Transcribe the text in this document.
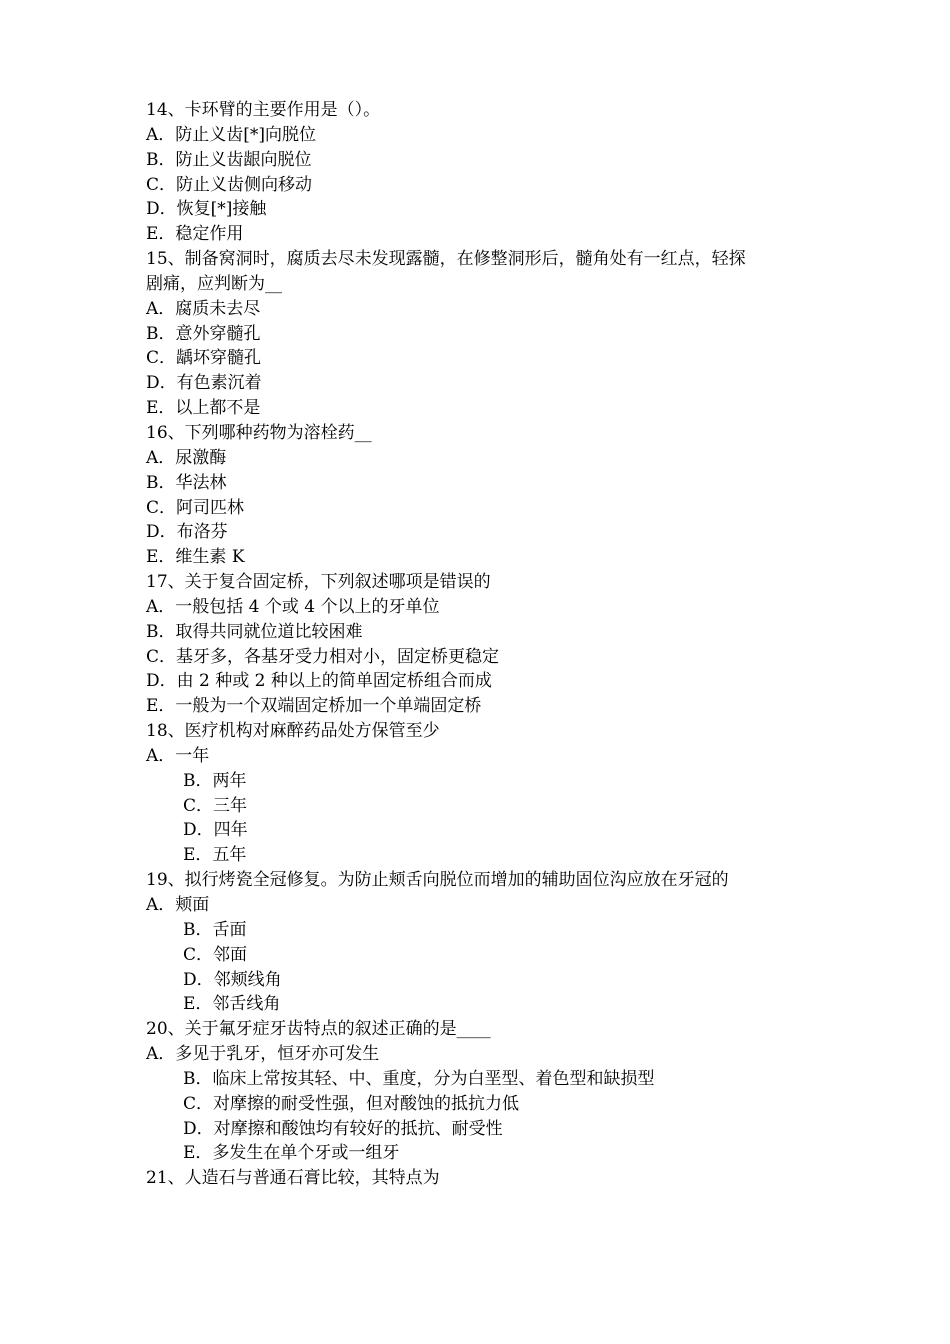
14、卡环臂的主要作用是（）。
A．防止义齿[*]向脱位
B．防止义齿龈向脱位
C．防止义齿侧向移动
D．恢复[*]接触
E．稳定作用
15、制备窝洞时，腐质去尽未发现露髓，在修整洞形后，髓角处有一红点，轻探
剧痛，应判断为__
A．腐质未去尽
B．意外穿髓孔
C．龋坏穿髓孔
D．有色素沉着
E．以上都不是
16、下列哪种药物为溶栓药__
A．尿激酶
B．华法林
C．阿司匹林
D．布洛芬
E．维生素 K
17、关于复合固定桥，下列叙述哪项是错误的
A．一般包括 4 个或 4 个以上的牙单位
B．取得共同就位道比较困难
C．基牙多，各基牙受力相对小，固定桥更稳定
D．由 2 种或 2 种以上的简单固定桥组合而成
E．一般为一个双端固定桥加一个单端固定桥
18、医疗机构对麻醉药品处方保管至少
A．一年
B．两年
C．三年
D．四年
E．五年
19、拟行烤瓷全冠修复。为防止颊舌向脱位而增加的辅助固位沟应放在牙冠的
A．颊面
B．舌面
C．邻面
D．邻颊线角
E．邻舌线角
20、关于氟牙症牙齿特点的叙述正确的是____
A．多见于乳牙，恒牙亦可发生
B．临床上常按其轻、中、重度，分为白垩型、着色型和缺损型
C．对摩擦的耐受性强，但对酸蚀的抵抗力低
D．对摩擦和酸蚀均有较好的抵抗、耐受性
E．多发生在单个牙或一组牙
21、人造石与普通石膏比较，其特点为
